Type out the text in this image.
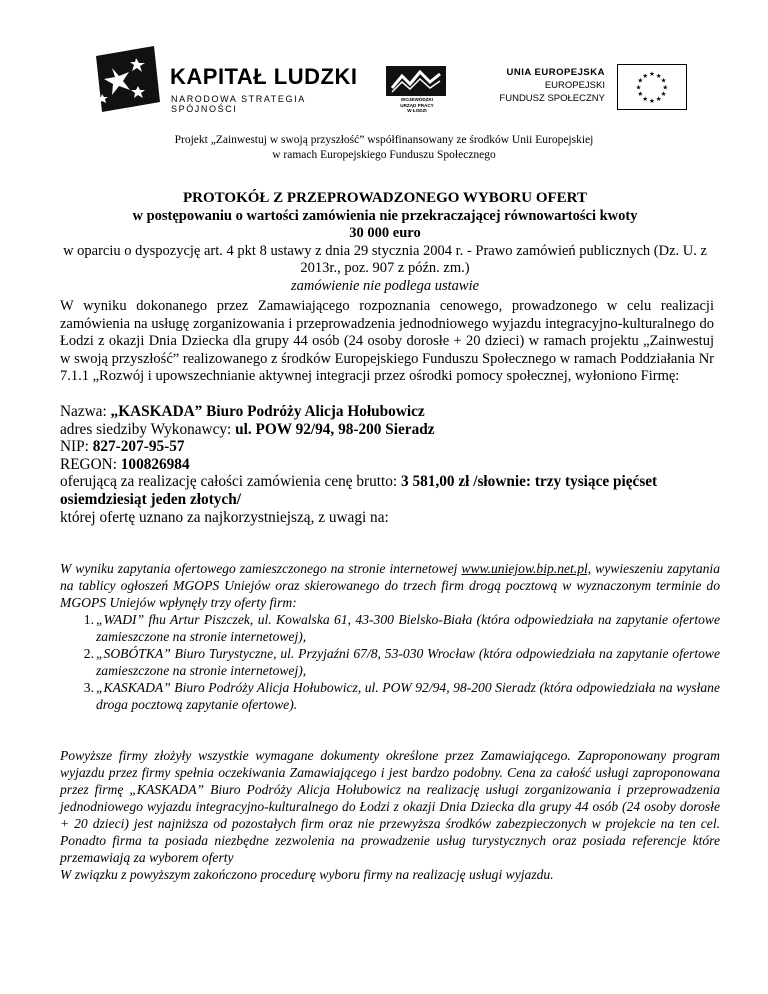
KAPITAŁ LUDZKI
NARODOWA STRATEGIA SPÓJNOŚCI
WOJEWÓDZKI
URZĄD PRACY
W ŁODZI
UNIA EUROPEJSKA
EUROPEJSKI
FUNDUSZ SPOŁECZNY
★ ★
★
★
★
★
★
★
★
★
★
★
Projekt „Zainwestuj w swoją przyszłość” współfinansowany ze środków Unii Europejskiej
w ramach Europejskiego Funduszu Społecznego
PROTOKÓŁ Z PRZEPROWADZONEGO WYBORU OFERT
w postępowaniu o wartości zamówienia nie przekraczającej równowartości kwoty
30 000 euro
w oparciu o dyspozycję art. 4 pkt 8 ustawy z dnia 29 stycznia 2004 r. - Prawo zamówień publicznych (Dz. U. z 2013r., poz. 907 z późn. zm.)
zamówienie nie podlega ustawie
W wyniku dokonanego przez Zamawiającego rozpoznania cenowego, prowadzonego w celu realizacji zamówienia na usługę zorganizowania i przeprowadzenia jednodniowego wyjazdu integracyjno-kulturalnego do Łodzi z okazji Dnia Dziecka dla grupy 44 osób (24 osoby dorosłe + 20 dzieci) w ramach projektu „Zainwestuj w swoją przyszłość” realizowanego z środków Europejskiego Funduszu Społecznego w ramach Poddziałania Nr 7.1.1 „Rozwój i upowszechnianie aktywnej integracji przez ośrodki pomocy społecznej, wyłoniono Firmę:
Nazwa: „KASKADA” Biuro Podróży Alicja Hołubowicz
adres siedziby Wykonawcy: ul. POW 92/94, 98-200 Sieradz
NIP: 827-207-95-57
REGON: 100826984
oferującą za realizację całości zamówienia cenę brutto: 3 581,00 zł /słownie: trzy tysiące pięćset osiemdziesiąt jeden złotych/
której ofertę uznano za najkorzystniejszą, z uwagi na:
W wyniku zapytania ofertowego zamieszczonego na stronie internetowej www.uniejow.bip.net.pl, wywieszeniu zapytania na tablicy ogłoszeń MGOPS Uniejów oraz skierowanego do trzech firm drogą pocztową w wyznaczonym terminie do MGOPS Uniejów wpłynęły trzy oferty firm:
1. „WADI” fhu Artur Piszczek, ul. Kowalska 61, 43-300 Bielsko-Biała (która odpowiedziała na zapytanie ofertowe zamieszczone na stronie internetowej),
2. „SOBÓTKA” Biuro Turystyczne, ul. Przyjaźni 67/8, 53-030 Wrocław (która odpowiedziała na zapytanie ofertowe zamieszczone na stronie internetowej),
3. „KASKADA” Biuro Podróży Alicja Hołubowicz, ul. POW 92/94, 98-200 Sieradz (która odpowiedziała na wysłane droga pocztową zapytanie ofertowe).
Powyższe firmy złożyły wszystkie wymagane dokumenty określone przez Zamawiającego. Zaproponowany program wyjazdu przez firmy spełnia oczekiwania Zamawiającego i jest bardzo podobny. Cena za całość usługi zaproponowana przez firmę „KASKADA” Biuro Podróży Alicja Hołubowicz na realizację usługi zorganizowania i przeprowadzenia jednodniowego wyjazdu integracyjno-kulturalnego do Łodzi z okazji Dnia Dziecka dla grupy 44 osób (24 osoby dorosłe + 20 dzieci) jest najniższa od pozostałych firm oraz nie przewyższa środków zabezpieczonych w projekcie na ten cel. Ponadto firma ta posiada niezbędne zezwolenia na prowadzenie usług turystycznych oraz posiada referencje które przemawiają za wyborem oferty
W związku z powyższym zakończono procedurę wyboru firmy na realizację usługi wyjazdu.
